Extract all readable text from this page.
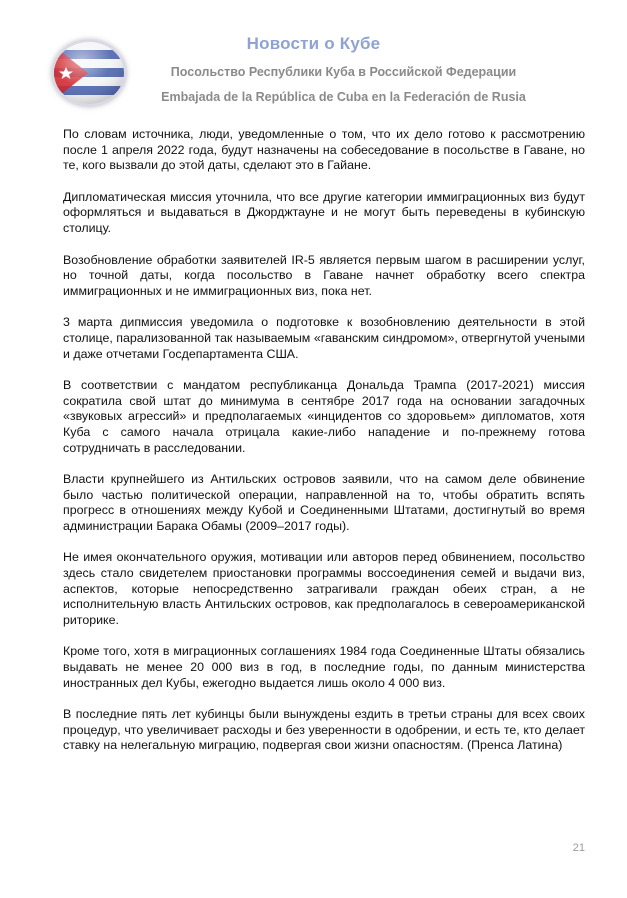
Новости о Кубе
Посольство Республики Куба в Российской Федерации
Embajada de la República de Cuba en la Federación de Rusia

По словам источника, люди, уведомленные о том, что их дело готово к рассмотрению после 1 апреля 2022 года, будут назначены на собеседование в посольстве в Гаване, но те, кого вызвали до этой даты, сделают это в Гайане.

Дипломатическая миссия уточнила, что все другие категории иммиграционных виз будут оформляться и выдаваться в Джорджтауне и не могут быть переведены в кубинскую столицу.

Возобновление обработки заявителей IR-5 является первым шагом в расширении услуг, но точной даты, когда посольство в Гаване начнет обработку всего спектра иммиграционных и не иммиграционных виз, пока нет.

3 марта дипмиссия уведомила о подготовке к возобновлению деятельности в этой столице, парализованной так называемым «гаванским синдромом», отвергнутой учеными и даже отчетами Госдепартамента США.

В соответствии с мандатом республиканца Дональда Трампа (2017-2021) миссия сократила свой штат до минимума в сентябре 2017 года на основании загадочных «звуковых агрессий» и предполагаемых «инцидентов со здоровьем» дипломатов, хотя Куба с самого начала отрицала какие-либо нападение и по-прежнему готова сотрудничать в расследовании.

Власти крупнейшего из Антильских островов заявили, что на самом деле обвинение было частью политической операции, направленной на то, чтобы обратить вспять прогресс в отношениях между Кубой и Соединенными Штатами, достигнутый во время администрации Барака Обамы (2009–2017 годы).

Не имея окончательного оружия, мотивации или авторов перед обвинением, посольство здесь стало свидетелем приостановки программы воссоединения семей и выдачи виз, аспектов, которые непосредственно затрагивали граждан обеих стран, а не исполнительную власть Антильских островов, как предполагалось в североамериканской риторике.

Кроме того, хотя в миграционных соглашениях 1984 года Соединенные Штаты обязались выдавать не менее 20 000 виз в год, в последние годы, по данным министерства иностранных дел Кубы, ежегодно выдается лишь около 4 000 виз.

В последние пять лет кубинцы были вынуждены ездить в третьи страны для всех своих процедур, что увеличивает расходы и без уверенности в одобрении, и есть те, кто делает ставку на нелегальную миграцию, подвергая свои жизни опасностям. (Пренса Латина)

21
